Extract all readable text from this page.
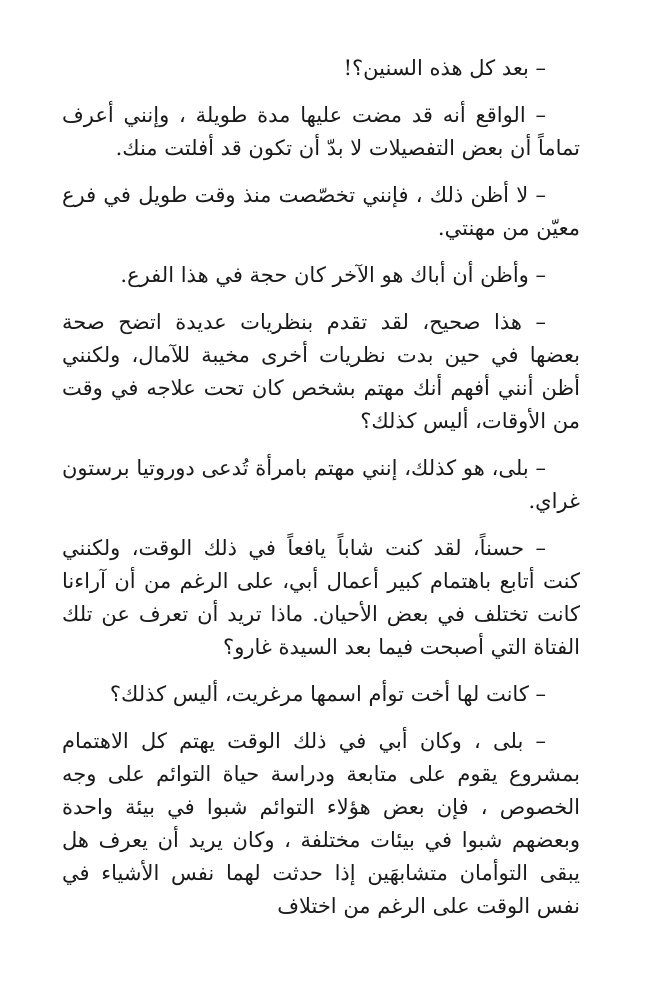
– بعد كل هذه السنين؟!

– الواقع أنه قد مضت عليها مدة طويلة ، وإنني أعرف تماماً أن بعض التفصيلات لا بدّ أن تكون قد أفلتت منك.

– لا أظن ذلك ، فإنني تخصّصت منذ وقت طويل في فرع معيّن من مهنتي.

– وأظن أن أباك هو الآخر كان حجة في هذا الفرع.

– هذا صحيح، لقد تقدم بنظريات عديدة اتضح صحة بعضها في حين بدت نظريات أخرى مخيبة للآمال، ولكنني أظن أنني أفهم أنك مهتم بشخص كان تحت علاجه في وقت من الأوقات، أليس كذلك؟

– بلى، هو كذلك، إنني مهتم بامرأة تُدعى دوروتيا برستون غراي.

– حسناً، لقد كنت شاباً يافعاً في ذلك الوقت، ولكنني كنت أتابع باهتمام كبير أعمال أبي، على الرغم من أن آراءنا كانت تختلف في بعض الأحيان. ماذا تريد أن تعرف عن تلك الفتاة التي أصبحت فيما بعد السيدة غارو؟

– كانت لها أخت توأم اسمها مرغريت، أليس كذلك؟

– بلى ، وكان أبي في ذلك الوقت يهتم كل الاهتمام بمشروع يقوم على متابعة ودراسة حياة التوائم على وجه الخصوص ، فإن بعض هؤلاء التوائم شبوا في بيئة واحدة وبعضهم شبوا في بيئات مختلفة ، وكان يريد أن يعرف هل يبقى التوأمان متشابهَين إذا حدثت لهما نفس الأشياء في نفس الوقت على الرغم من اختلاف
